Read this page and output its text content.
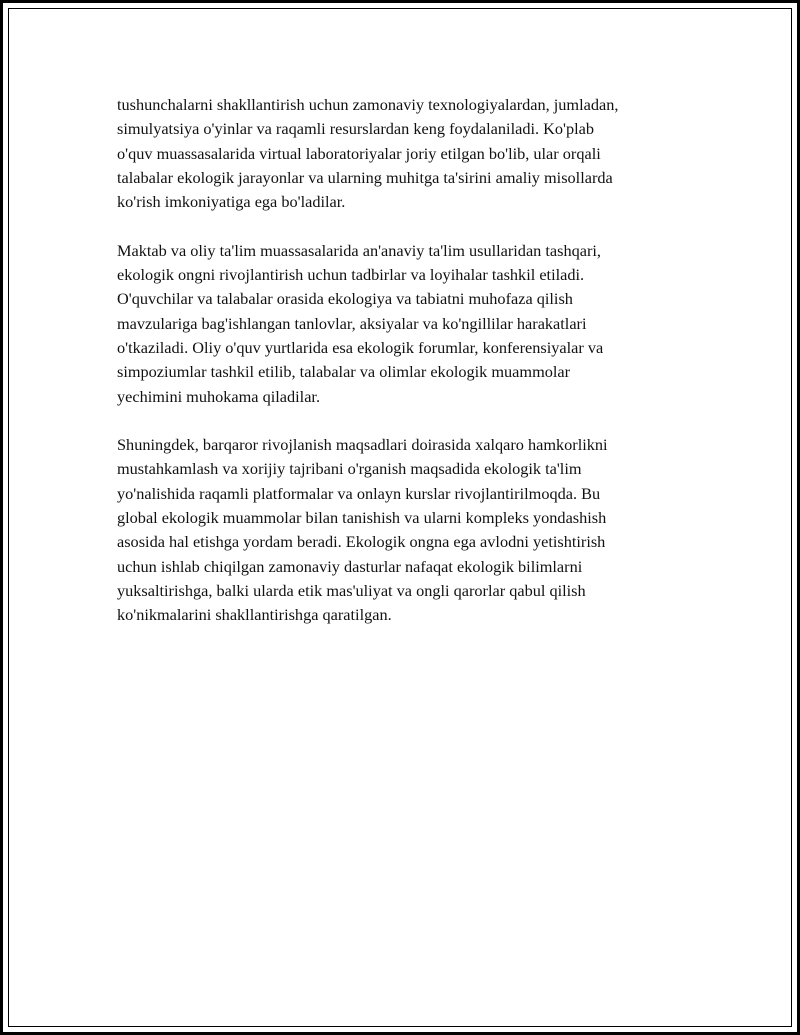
tushunchalarni shakllantirish uchun zamonaviy texnologiyalardan, jumladan,
simulyatsiya o'yinlar va raqamli resurslardan keng foydalaniladi. Ko'plab
o'quv muassasalarida virtual laboratoriyalar joriy etilgan bo'lib, ular orqali
talabalar ekologik jarayonlar va ularning muhitga ta'sirini amaliy misollarda
ko'rish imkoniyatiga ega bo'ladilar.

Maktab va oliy ta'lim muassasalarida an'anaviy ta'lim usullaridan tashqari,
ekologik ongni rivojlantirish uchun tadbirlar va loyihalar tashkil etiladi.
O'quvchilar va talabalar orasida ekologiya va tabiatni muhofaza qilish
mavzulariga bag'ishlangan tanlovlar, aksiyalar va ko'ngillilar harakatlari
o'tkaziladi. Oliy o'quv yurtlarida esa ekologik forumlar, konferensiyalar va
simpoziumlar tashkil etilib, talabalar va olimlar ekologik muammolar
yechimini muhokama qiladilar.

Shuningdek, barqaror rivojlanish maqsadlari doirasida xalqaro hamkorlikni
mustahkamlash va xorijiy tajribani o'rganish maqsadida ekologik ta'lim
yo'nalishida raqamli platformalar va onlayn kurslar rivojlantirilmoqda. Bu
global ekologik muammolar bilan tanishish va ularni kompleks yondashish
asosida hal etishga yordam beradi. Ekologik ongna ega avlodni yetishtirish
uchun ishlab chiqilgan zamonaviy dasturlar nafaqat ekologik bilimlarni
yuksaltirishga, balki ularda etik mas'uliyat va ongli qarorlar qabul qilish
ko'nikmalarini shakllantirishga qaratilgan.
